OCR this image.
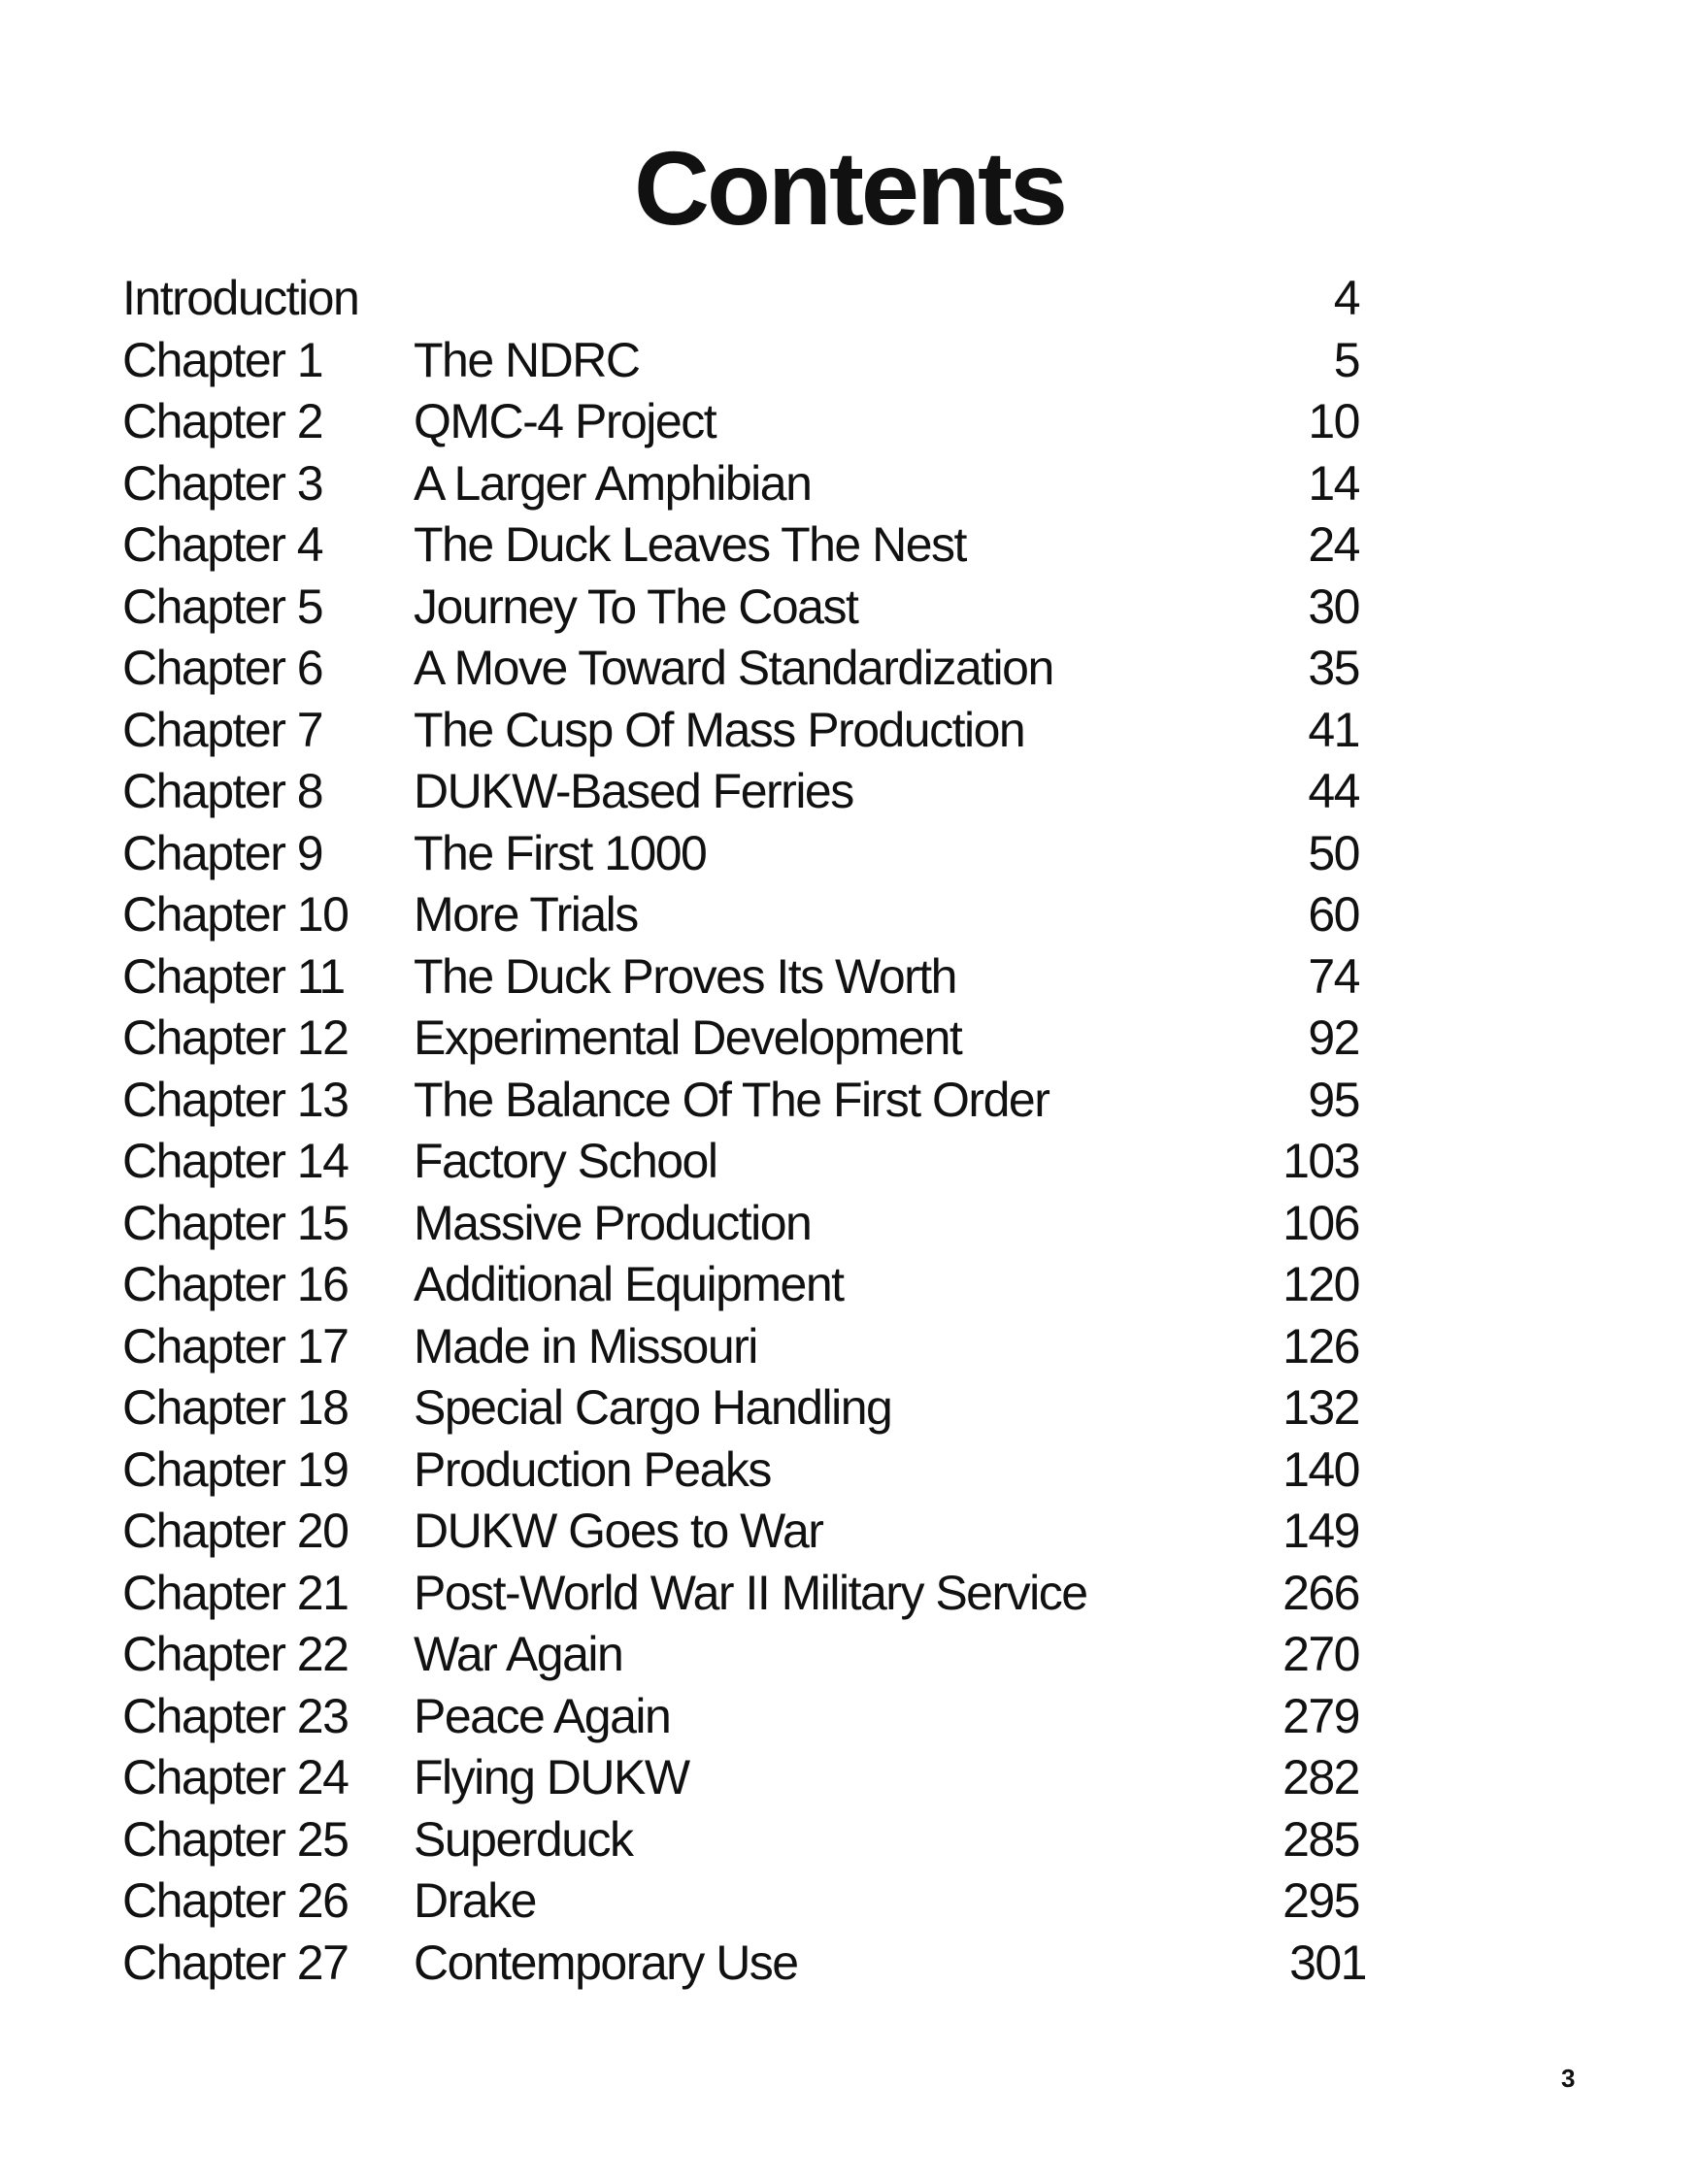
Contents
Introduction	4
Chapter 1 The NDRC	5
Chapter 2 QMC-4 Project	10
Chapter 3 A Larger Amphibian	14
Chapter 4 The Duck Leaves The Nest	24
Chapter 5 Journey To The Coast	30
Chapter 6 A Move Toward Standardization	35
Chapter 7 The Cusp Of Mass Production	41
Chapter 8 DUKW-Based Ferries	44
Chapter 9 The First 1000	50
Chapter 10 More Trials	60
Chapter 11 The Duck Proves Its Worth	74
Chapter 12 Experimental Development	92
Chapter 13 The Balance Of The First Order	95
Chapter 14 Factory School	103
Chapter 15 Massive Production	106
Chapter 16 Additional Equipment	120
Chapter 17 Made in Missouri	126
Chapter 18 Special Cargo Handling	132
Chapter 19 Production Peaks	140
Chapter 20 DUKW Goes to War	149
Chapter 21 Post-World War II Military Service	266
Chapter 22 War Again	270
Chapter 23 Peace Again	279
Chapter 24 Flying DUKW	282
Chapter 25 Superduck	285
Chapter 26 Drake	295
Chapter 27 Contemporary Use	301
3
